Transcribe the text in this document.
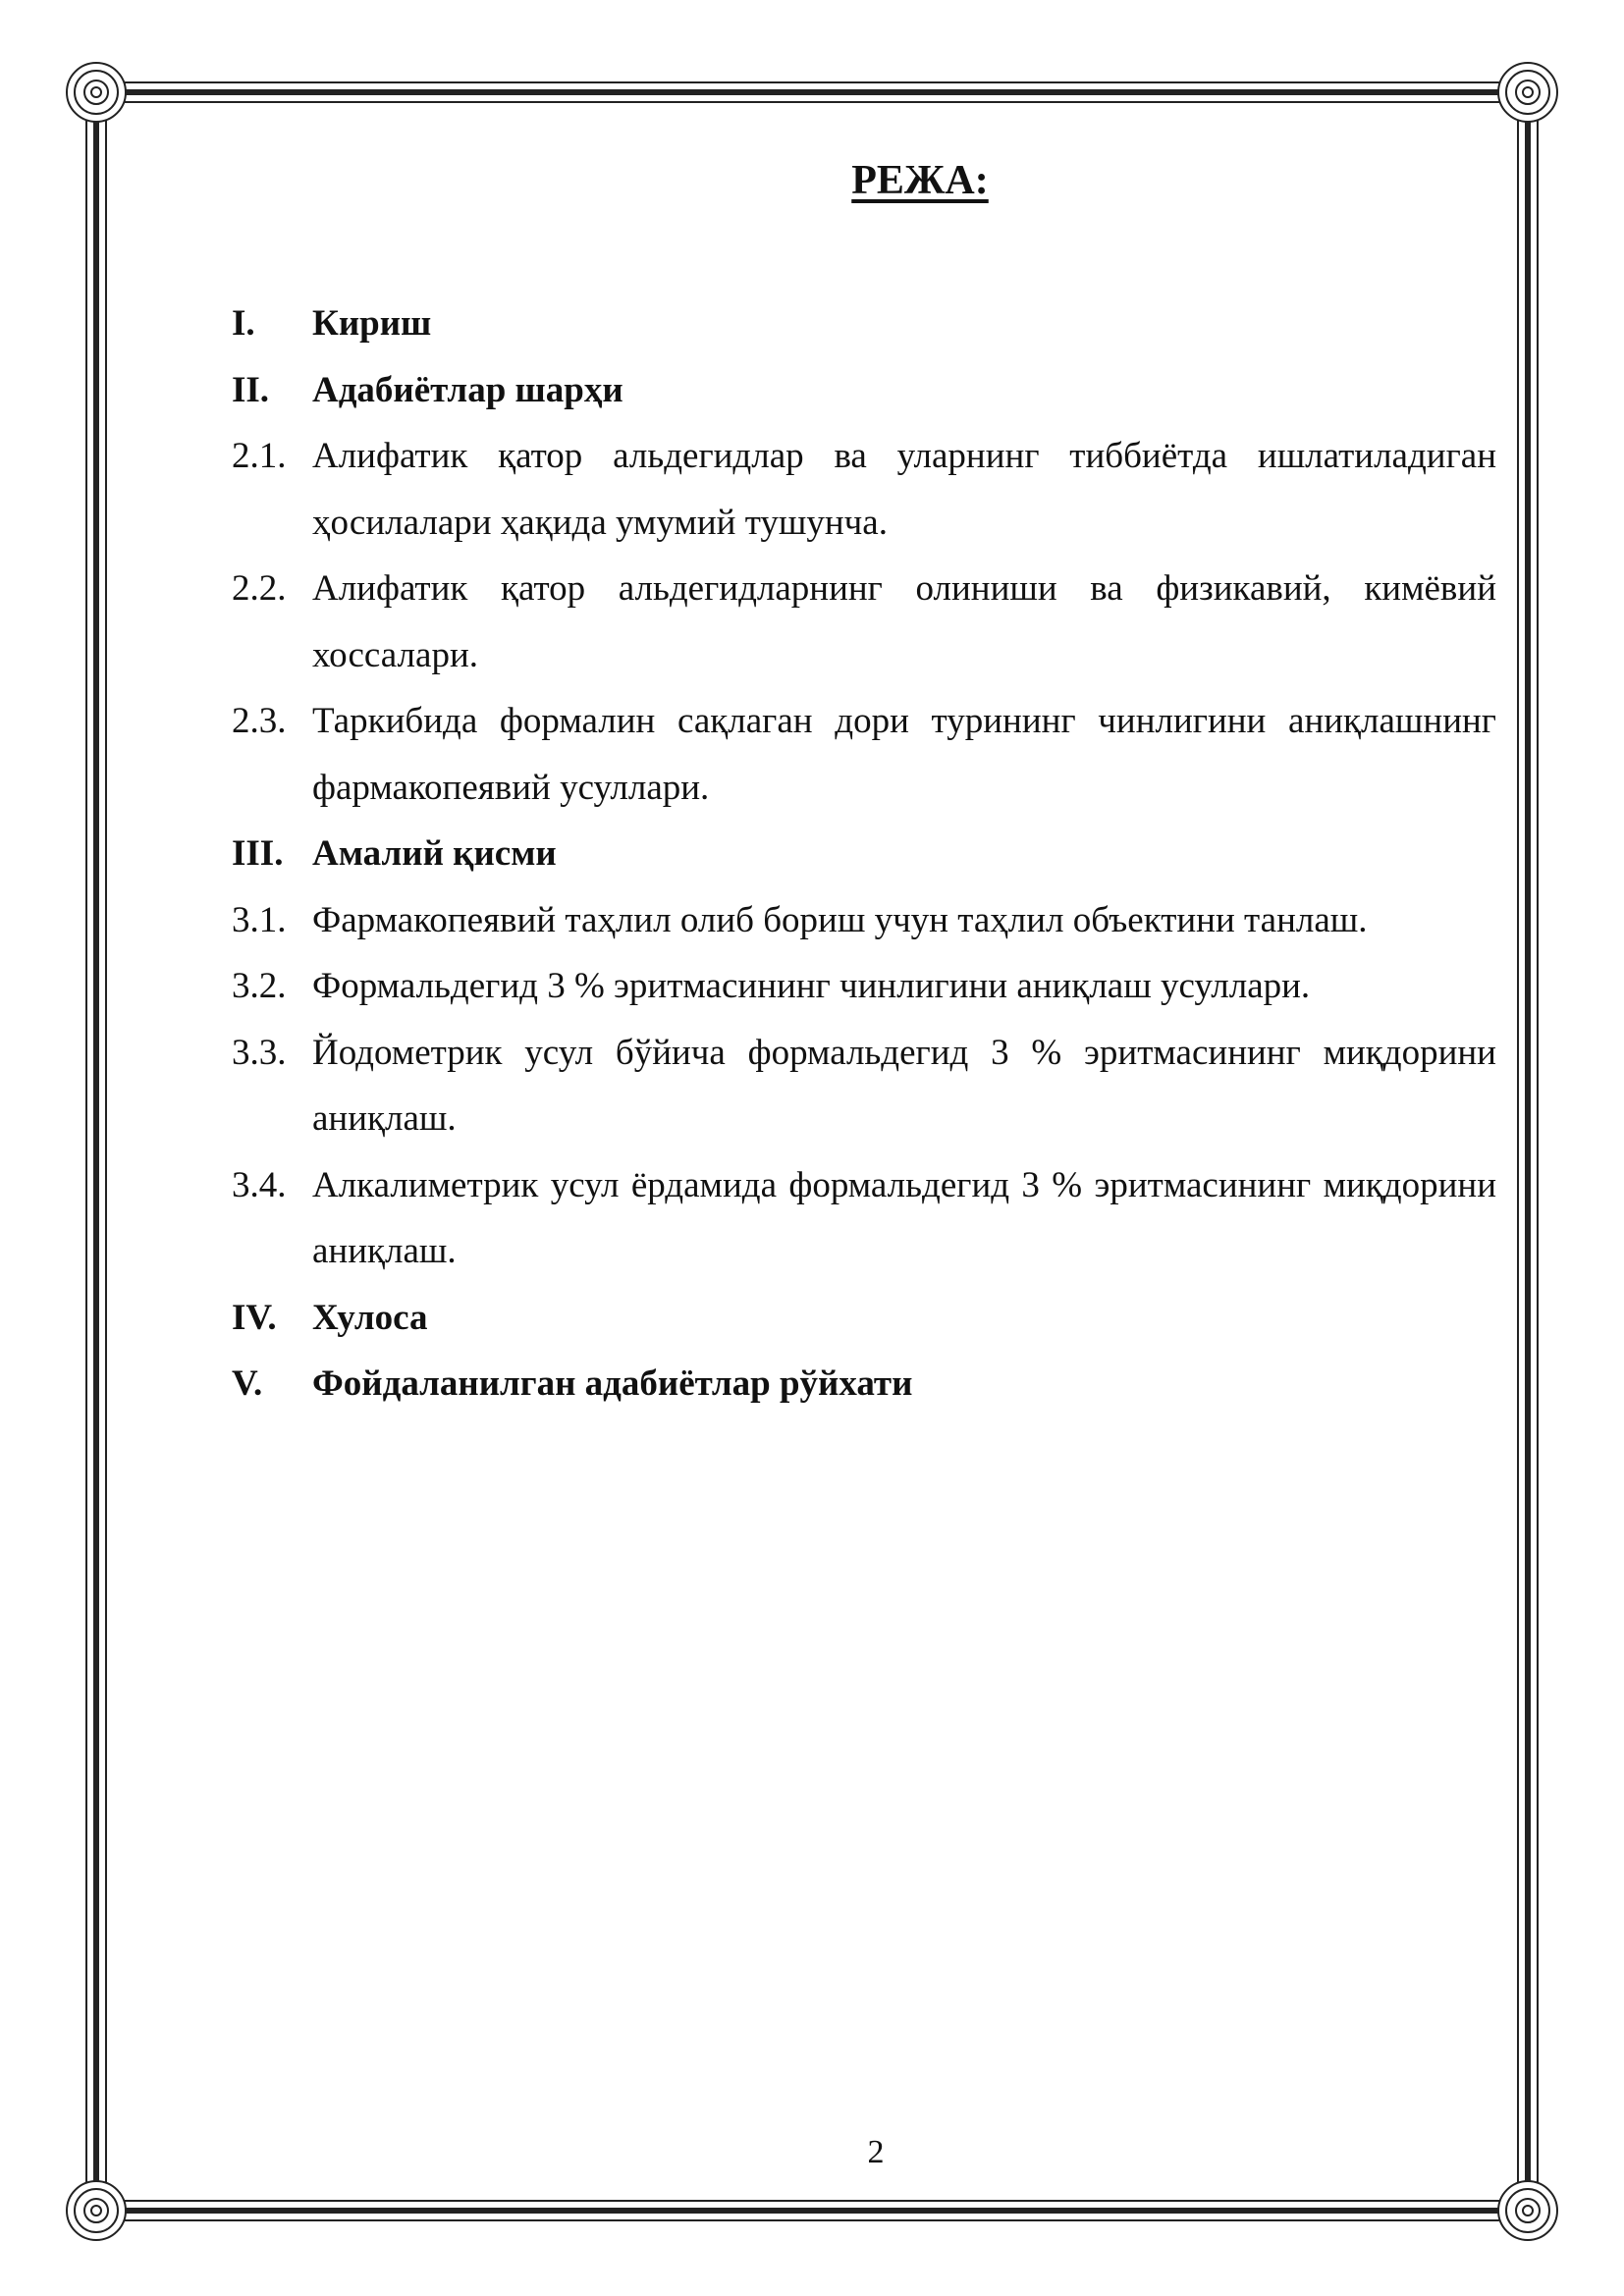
РЕЖА:
I. Кириш
II. Адабиётлар шарҳи
2.1. Алифатик қатор альдегидлар ва уларнинг тиббиётда ишлатиладиган ҳосилалари ҳақида умумий тушунча.
2.2. Алифатик қатор альдегидларнинг олиниши ва физикавий, кимёвий хоссалари.
2.3. Таркибида формалин сақлаган дори турининг чинлигини аниқлашнинг фармакопеявий усуллари.
III. Амалий қисми
3.1. Фармакопеявий таҳлил олиб бориш учун таҳлил объектини танлаш.
3.2. Формальдегид 3 % эритмасининг чинлигини аниқлаш усуллари.
3.3. Йодометрик усул бўйича формальдегид 3 % эритмасининг миқдорини аниқлаш.
3.4. Алкалиметрик усул ёрдамида формальдегид 3 % эритмасининг миқдорини аниқлаш.
IV. Хулоса
V. Фойдаланилган адабиётлар рўйхати
2
